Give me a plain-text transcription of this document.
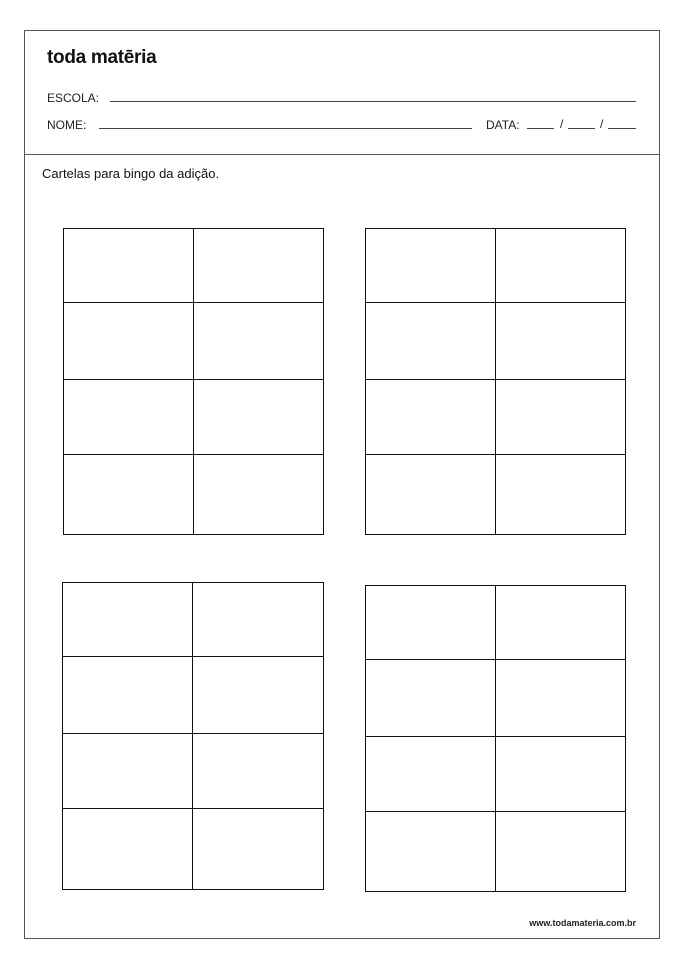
toda matēria
ESCOLA:
NOME:	DATA:	/	/
Cartelas para bingo da adição.
www.todamateria.com.br
